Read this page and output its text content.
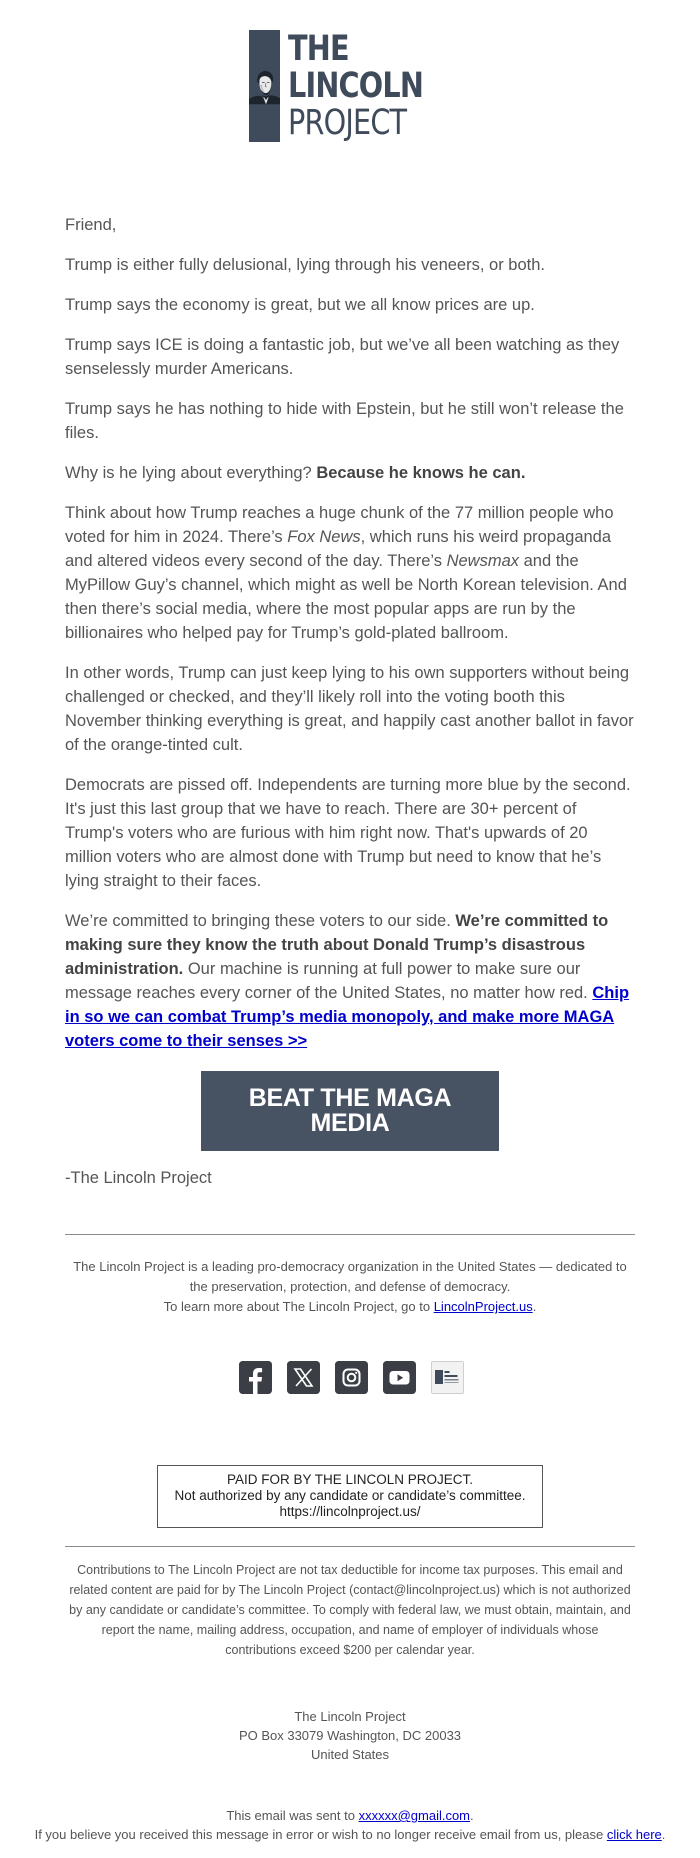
THE
LINCOLN
PROJECT

Friend,

Trump is either fully delusional, lying through his veneers, or both.

Trump says the economy is great, but we all know prices are up.

Trump says ICE is doing a fantastic job, but we’ve all been watching as they senselessly murder Americans.

Trump says he has nothing to hide with Epstein, but he still won’t release the files.

Why is he lying about everything? Because he knows he can.

Think about how Trump reaches a huge chunk of the 77 million people who voted for him in 2024. There’s Fox News, which runs his weird propaganda and altered videos every second of the day. There’s Newsmax and the MyPillow Guy’s channel, which might as well be North Korean television. And then there’s social media, where the most popular apps are run by the billionaires who helped pay for Trump’s gold-plated ballroom.

In other words, Trump can just keep lying to his own supporters without being challenged or checked, and they’ll likely roll into the voting booth this November thinking everything is great, and happily cast another ballot in favor of the orange-tinted cult.

Democrats are pissed off. Independents are turning more blue by the second. It's just this last group that we have to reach. There are 30+ percent of Trump's voters who are furious with him right now. That's upwards of 20 million voters who are almost done with Trump but need to know that he’s lying straight to their faces.

We’re committed to bringing these voters to our side. We’re committed to making sure they know the truth about Donald Trump’s disastrous administration. Our machine is running at full power to make sure our message reaches every corner of the United States, no matter how red. Chip in so we can combat Trump’s media monopoly, and make more MAGA voters come to their senses >>

BEAT THE MAGA MEDIA
-The Lincoln Project
The Lincoln Project is a leading pro-democracy organization in the United States — dedicated to the preservation, protection, and defense of democracy.
To learn more about The Lincoln Project, go to LincolnProject.us.
PAID FOR BY THE LINCOLN PROJECT.
Not authorized by any candidate or candidate’s committee.
https://lincolnproject.us/
Contributions to The Lincoln Project are not tax deductible for income tax purposes. This email and related content are paid for by The Lincoln Project (contact@lincolnproject.us) which is not authorized by any candidate or candidate’s committee. To comply with federal law, we must obtain, maintain, and report the name, mailing address, occupation, and name of employer of individuals whose contributions exceed $200 per calendar year.
The Lincoln Project
PO Box 33079 Washington, DC 20033
United States
This email was sent to xxxxxx@gmail.com.
If you believe you received this message in error or wish to no longer receive email from us, please click here.
